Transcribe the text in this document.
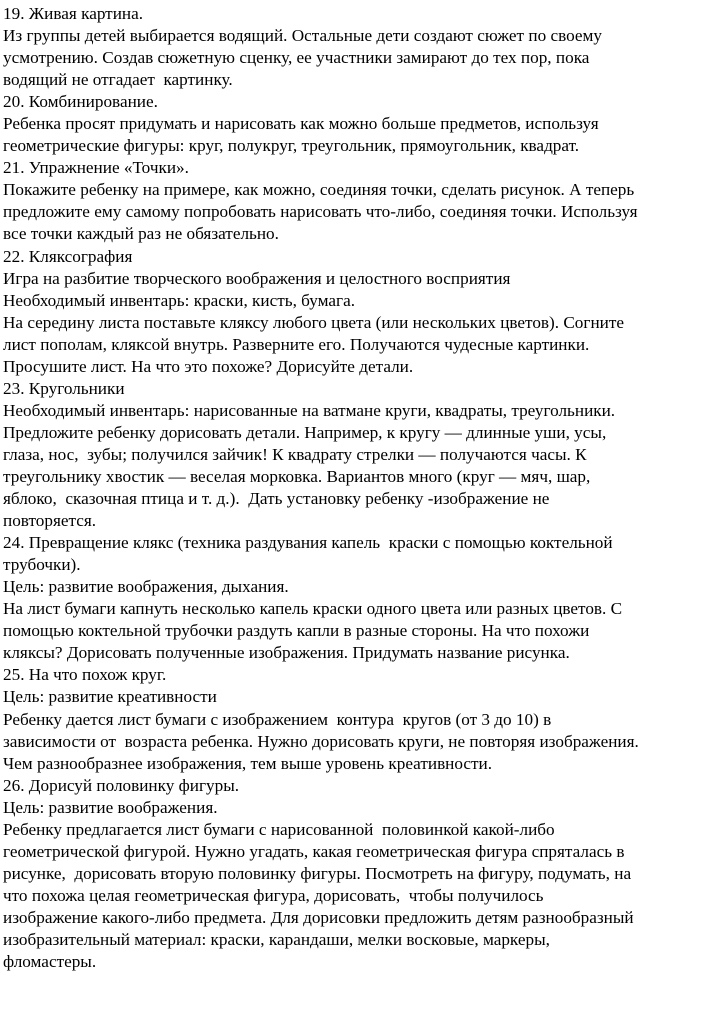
19. Живая картина.

Из группы детей выбирается водящий. Остальные дети создают сюжет по своему

усмотрению. Создав сюжетную сценку, ее участники замирают до тех пор, пока

водящий не отгадает  картинку.

20. Комбинирование.

Ребенка просят придумать и нарисовать как можно больше предметов, используя

геометрические фигуры: круг, полукруг, треугольник, прямоугольник, квадрат.

21. Упражнение «Точки».

Покажите ребенку на примере, как можно, соединяя точки, сделать рисунок. А теперь

предложите ему самому попробовать нарисовать что-либо, соединяя точки. Используя

все точки каждый раз не обязательно.

22. Кляксография

Игра на разбитие творческого воображения и целостного восприятия

Необходимый инвентарь: краски, кисть, бумага.

На середину листа поставьте кляксу любого цвета (или нескольких цветов). Согните

лист пополам, кляксой внутрь. Разверните его. Получаются чудесные картинки.

Просушите лист. На что это похоже? Дорисуйте детали.

23. Кругольники

Необходимый инвентарь: нарисованные на ватмане круги, квадраты, треугольники.

Предложите ребенку дорисовать детали. Например, к кругу — длинные уши, усы,

глаза, нос,  зубы; получился зайчик! К квадрату стрелки — получаются часы. К

треугольнику хвостик — веселая морковка. Вариантов много (круг — мяч, шар,

яблоко,  сказочная птица и т. д.).  Дать установку ребенку -изображение не

повторяется.

24. Превращение клякс (техника раздувания капель  краски с помощью коктельной

трубочки).

Цель: развитие воображения, дыхания.

На лист бумаги капнуть несколько капель краски одного цвета или разных цветов. С

помощью коктельной трубочки раздуть капли в разные стороны. На что похожи

кляксы? Дорисовать полученные изображения. Придумать название рисунка.

25. На что похож круг.

Цель: развитие креативности

Ребенку дается лист бумаги с изображением  контура  кругов (от 3 до 10) в

зависимости от  возраста ребенка. Нужно дорисовать круги, не повторяя изображения.

Чем разнообразнее изображения, тем выше уровень креативности.

26. Дорисуй половинку фигуры.

Цель: развитие воображения.

Ребенку предлагается лист бумаги с нарисованной  половинкой какой-либо

геометрической фигурой. Нужно угадать, какая геометрическая фигура спряталась в

рисунке,  дорисовать вторую половинку фигуры. Посмотреть на фигуру, подумать, на

что похожа целая геометрическая фигура, дорисовать,  чтобы получилось

изображение какого-либо предмета. Для дорисовки предложить детям разнообразный

изобразительный материал: краски, карандаши, мелки восковые, маркеры,

фломастеры.
